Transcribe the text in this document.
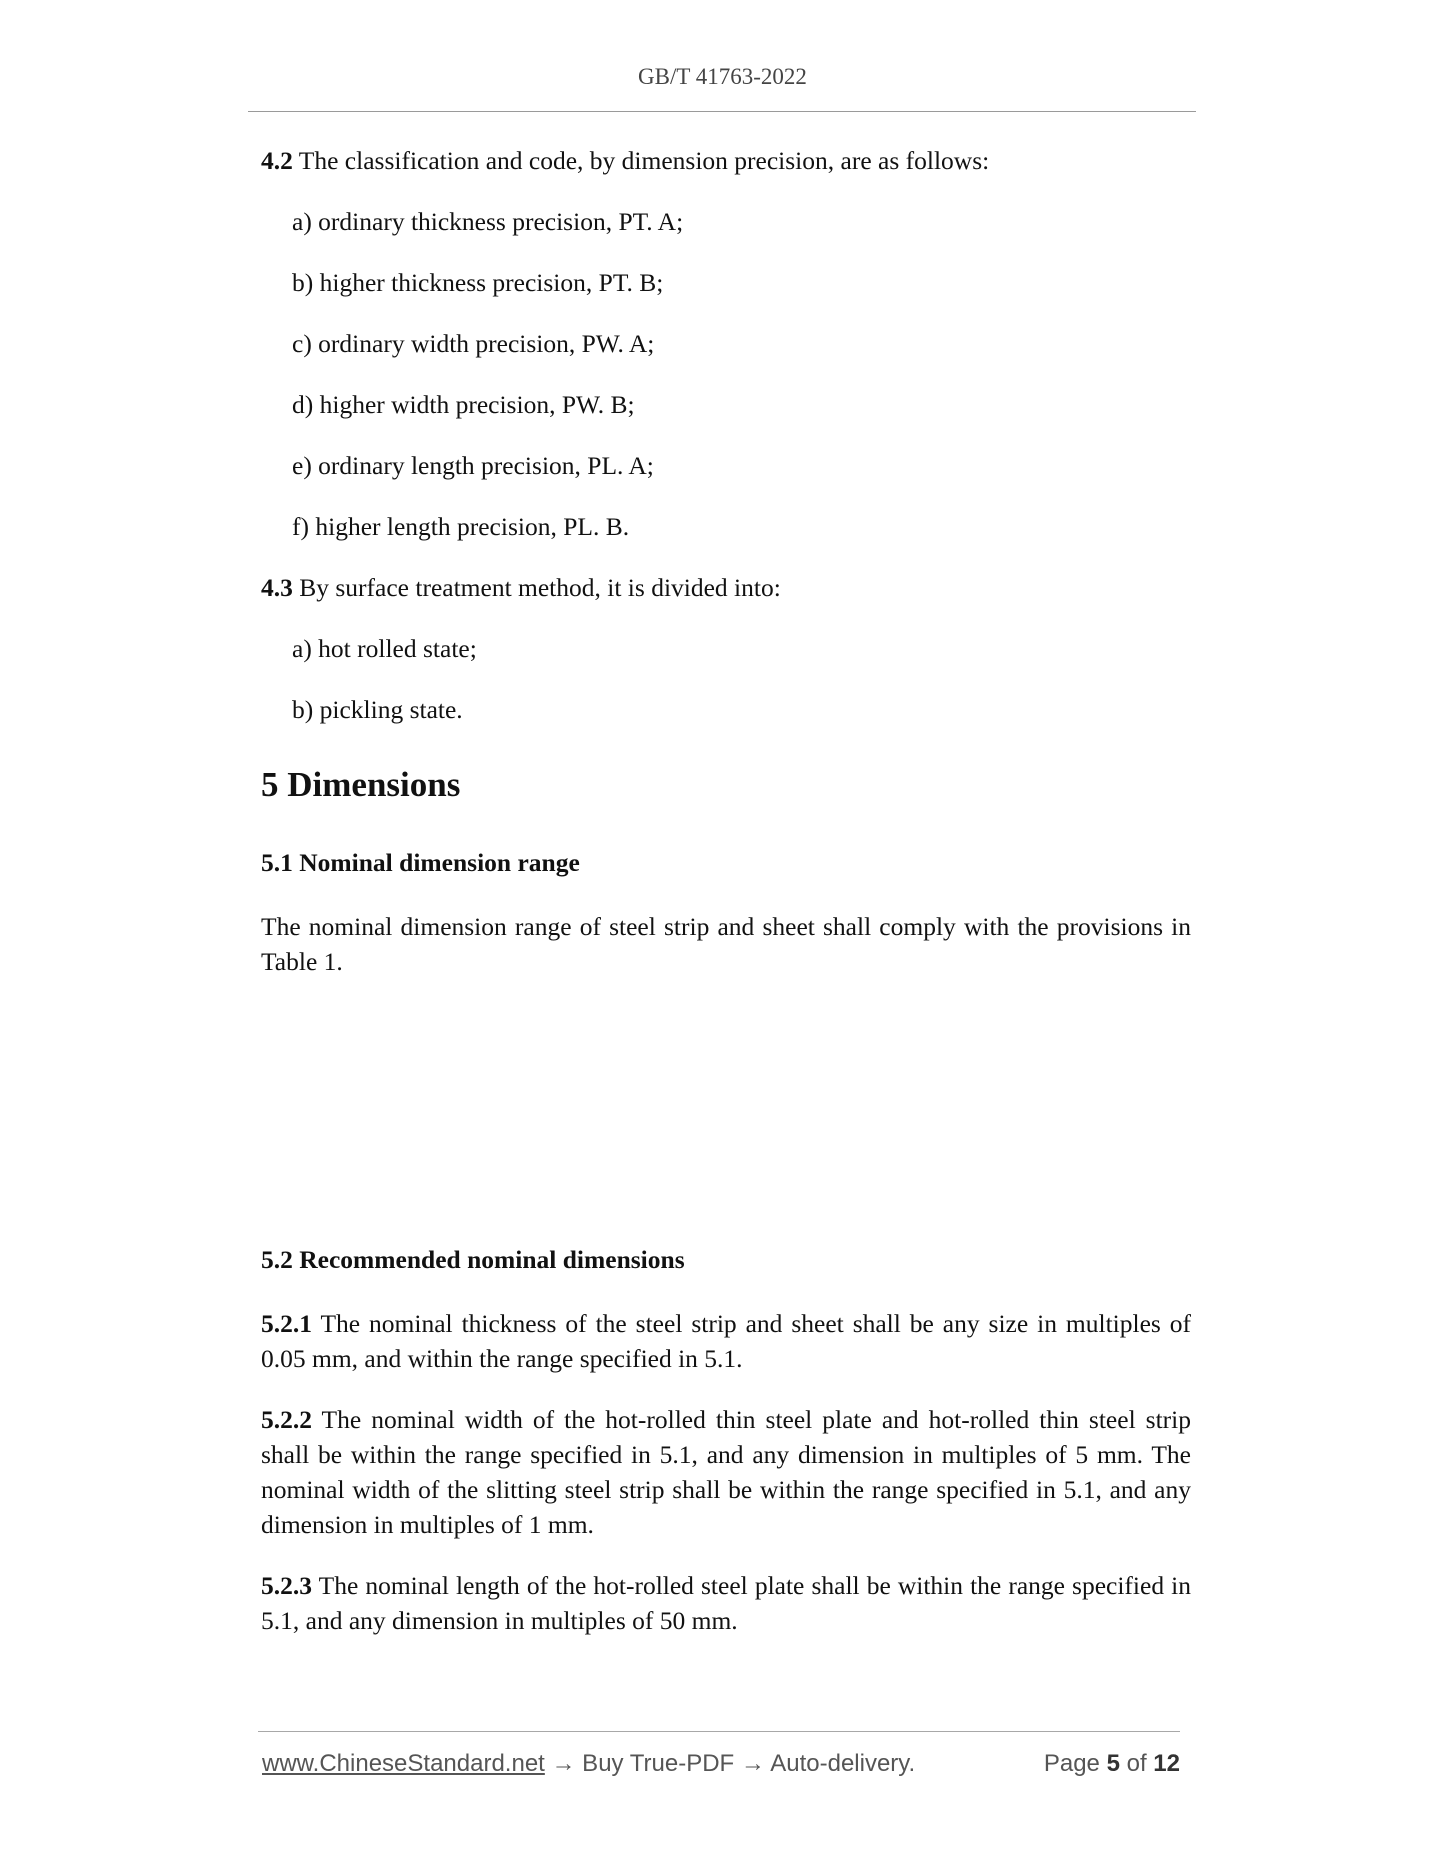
GB/T 41763-2022
4.2 The classification and code, by dimension precision, are as follows:
a) ordinary thickness precision, PT. A;
b) higher thickness precision, PT. B;
c) ordinary width precision, PW. A;
d) higher width precision, PW. B;
e) ordinary length precision, PL. A;
f) higher length precision, PL. B.
4.3 By surface treatment method, it is divided into:
a) hot rolled state;
b) pickling state.
5 Dimensions
5.1 Nominal dimension range
The nominal dimension range of steel strip and sheet shall comply with the provisions in Table 1.
5.2 Recommended nominal dimensions
5.2.1 The nominal thickness of the steel strip and sheet shall be any size in multiples of 0.05 mm, and within the range specified in 5.1.
5.2.2 The nominal width of the hot-rolled thin steel plate and hot-rolled thin steel strip shall be within the range specified in 5.1, and any dimension in multiples of 5 mm. The nominal width of the slitting steel strip shall be within the range specified in 5.1, and any dimension in multiples of 1 mm.
5.2.3 The nominal length of the hot-rolled steel plate shall be within the range specified in 5.1, and any dimension in multiples of 50 mm.
www.ChineseStandard.net → Buy True-PDF → Auto-delivery.	Page 5 of 12
